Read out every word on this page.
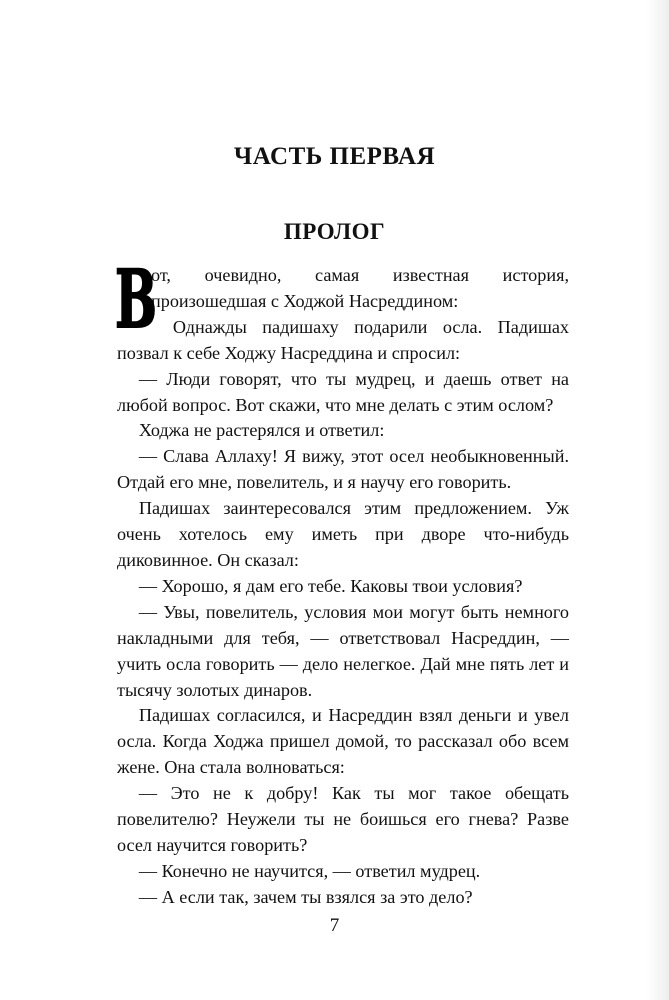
ЧАСТЬ ПЕРВАЯ
ПРОЛОГ

В
от, очевидно, самая известная история, произошедшая с Ходжой Насреддином:

Однажды падишаху подарили осла. Падишах позвал к себе Ходжу Насреддина и спросил:

— Люди говорят, что ты мудрец, и даешь ответ на любой вопрос. Вот скажи, что мне делать с этим ослом?

Ходжа не растерялся и ответил:

— Слава Аллаху! Я вижу, этот осел необыкновенный. Отдай его мне, повелитель, и я научу его говорить.

Падишах заинтересовался этим предложением. Уж очень хотелось ему иметь при дворе что-нибудь диковинное. Он сказал:

— Хорошо, я дам его тебе. Каковы твои условия?

— Увы, повелитель, условия мои могут быть немного накладными для тебя, — ответствовал Насреддин, — учить осла говорить — дело нелегкое. Дай мне пять лет и тысячу золотых динаров.

Падишах согласился, и Насреддин взял деньги и увел осла. Когда Ходжа пришел домой, то рассказал обо всем жене. Она стала волноваться:

— Это не к добру! Как ты мог такое обещать повелителю? Неужели ты не боишься его гнева? Разве осел научится говорить?

— Конечно не научится, — ответил мудрец.

— А если так, зачем ты взялся за это дело?

7
